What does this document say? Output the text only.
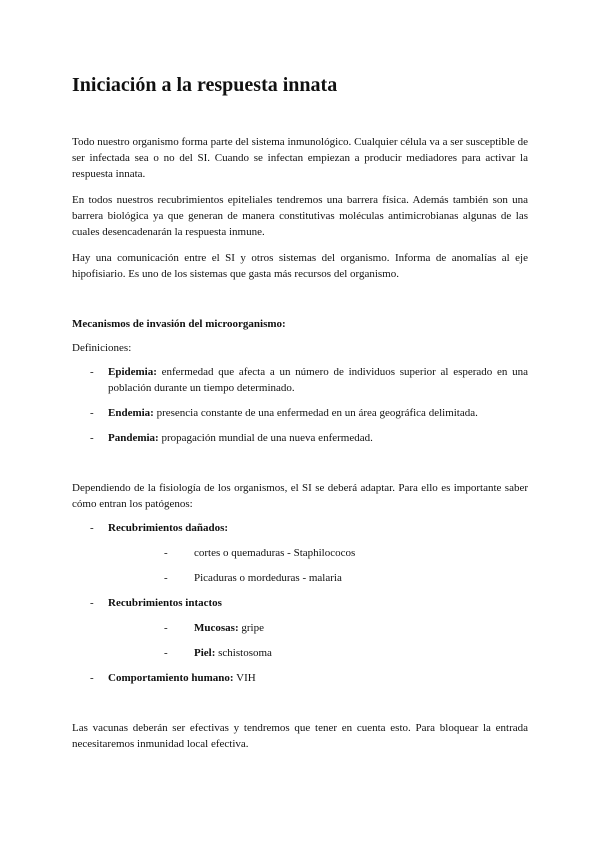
Iniciación a la respuesta innata

Todo nuestro organismo forma parte del sistema inmunológico. Cualquier célula va a ser susceptible de ser infectada sea o no del SI. Cuando se infectan empiezan a producir mediadores para activar la respuesta innata.

En todos nuestros recubrimientos epiteliales tendremos una barrera física. Además también son una barrera biológica ya que generan de manera constitutivas moléculas antimicrobianas algunas de las cuales desencadenarán la respuesta inmune.

Hay una comunicación entre el SI y otros sistemas del organismo. Informa de anomalías al eje hipofisiario. Es uno de los sistemas que gasta más recursos del organismo.

Mecanismos de invasión del microorganismo:

Definiciones:

- Epidemia: enfermedad que afecta a un número de individuos superior al esperado en una población durante un tiempo determinado.
- Endemia: presencia constante de una enfermedad en un área geográfica delimitada.
- Pandemia: propagación mundial de una nueva enfermedad.

Dependiendo de la fisiología de los organismos, el SI se deberá adaptar. Para ello es importante saber cómo entran los patógenos:

- Recubrimientos dañados:
- cortes o quemaduras - Staphilococos
- Picaduras o mordeduras - malaria
- Recubrimientos intactos
- Mucosas: gripe
- Piel: schistosoma
- Comportamiento humano: VIH

Las vacunas deberán ser efectivas y tendremos que tener en cuenta esto. Para bloquear la entrada necesitaremos inmunidad local efectiva.
